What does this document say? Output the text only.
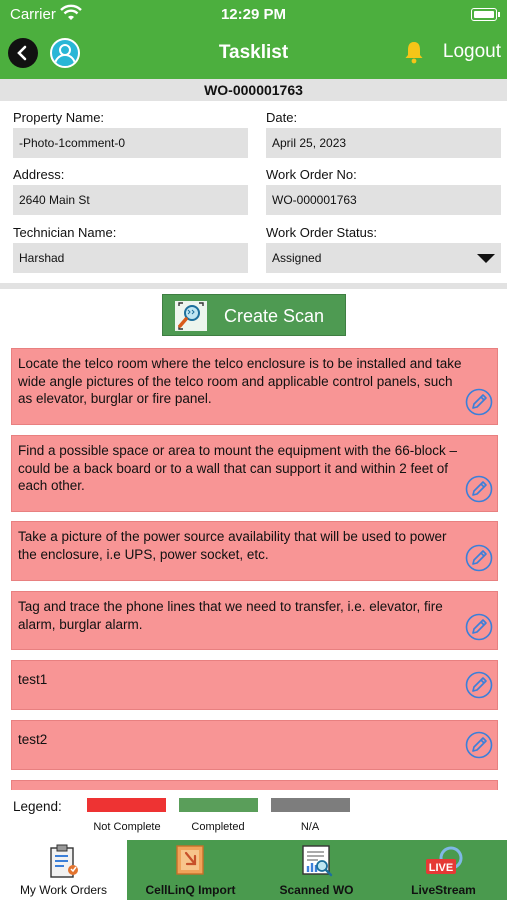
Carrier	12:29 PM
Tasklist	Logout
WO-000001763
Property Name:
-Photo-1comment-0
Date:
April 25, 2023
Address:
2640 Main St
Work Order No:
WO-000001763
Technician Name:
Harshad
Work Order Status:
Assigned
Create Scan
Locate the telco room where the telco enclosure is to be installed and take wide angle pictures of the telco room and applicable control panels, such as elevator, burglar or fire panel.
Find a possible space or area to mount the equipment with the 66-block – could be a back board or to a wall that can support it and within 2 feet of each other.
Take a picture of the power source availability that will be used to power the enclosure, i.e UPS, power socket, etc.
Tag and trace the phone lines that we need to transfer, i.e. elevator, fire alarm, burglar alarm.
test1
test2
Legend:
Not Complete	Completed	N/A
My Work Orders	CellLinQ Import	Scanned WO
LIVE
LiveStream
